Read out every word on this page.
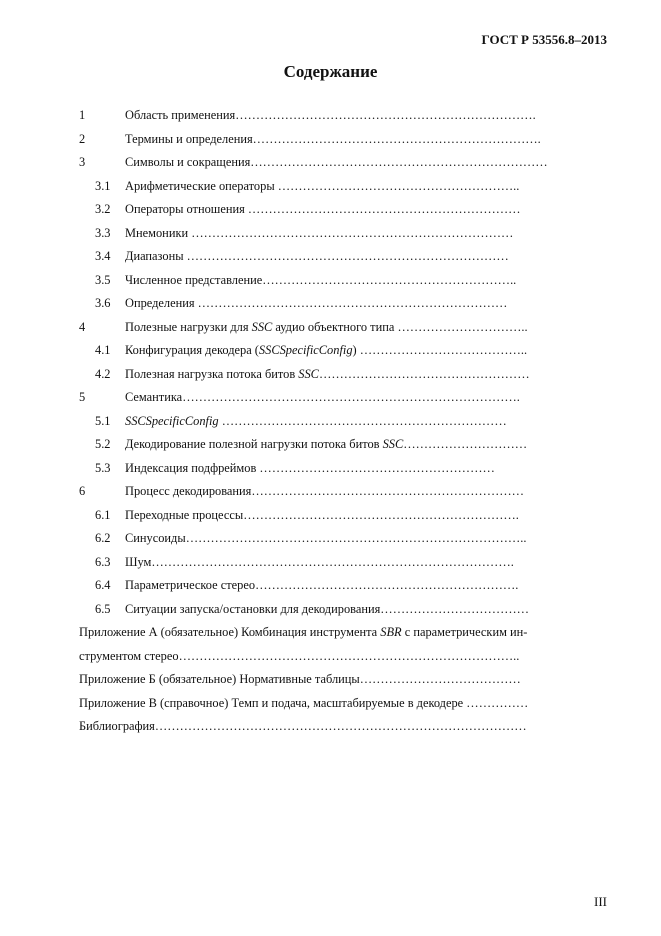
ГОСТ Р 53556.8–2013
Содержание
1	Область применения……………………………………………………………….
2	Термины и определения…………………………………………………………….
3	Символы и сокращения………………………………………………………………
3.1 Арифметические операторы …………………………………………………..
3.2 Операторы отношения …………………………………………………………
3.3 Мнемоники ……………………………………………………………………
3.4 Диапазоны ……………………………………………………………………
3.5 Численное представление……………………………………………………..
3.6 Определения …………………………………………………………………
4	Полезные нагрузки для SSC аудио объектного типа …………………………..
4.1 Конфигурация декодера (SSCSpecificConfig) …………………………………..
4.2 Полезная нагрузка потока битов SSC……………………………………………
5	Семантика……………………………………………………………………….
5.1 SSCSpecificConfig ……………………………………………………………
5.2 Декодирование полезной нагрузки потока битов SSC…………………………
5.3 Индексация подфреймов …………………………………………………
6	Процесс декодирования…………………………………………………………
6.1 Переходные процессы………………………………………………………….
6.2 Синусоиды………………………………………………………………………..
6.3 Шум…………………………………………………………………………….
6.4 Параметрическое стерео……………………………………………………….
6.5 Ситуации запуска/остановки для декодирования………………………………
Приложение А (обязательное) Комбинация инструмента SBR с параметрическим ин-
струментом стерео………………………………………………………………………..
Приложение Б (обязательное) Нормативные таблицы…………………………………
Приложение В (справочное) Темп и подача, масштабируемые в декодере ……………
Библиография………………………………………………………………………………
III
